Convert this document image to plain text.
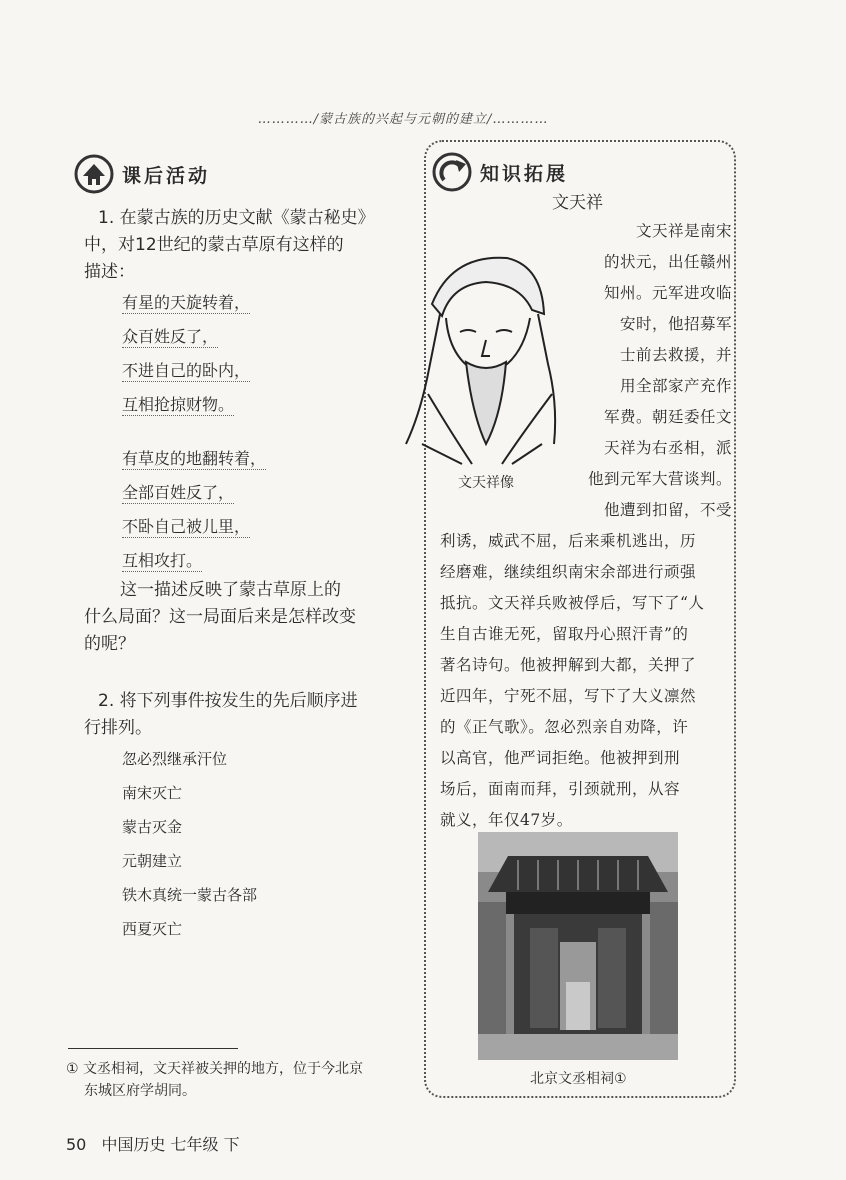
…………/蒙古族的兴起与元朝的建立/…………
课后活动
1. 在蒙古族的历史文献《蒙古秘史》
中，对12世纪的蒙古草原有这样的
描述：
有星的天旋转着，
众百姓反了，
不进自己的卧内，
互相抢掠财物。
有草皮的地翻转着，
全部百姓反了，
不卧自己被儿里，
互相攻打。
这一描述反映了蒙古草原上的
什么局面？这一局面后来是怎样改变
的呢？
2. 将下列事件按发生的先后顺序进
行排列。
忽必烈继承汗位
南宋灭亡
蒙古灭金
元朝建立
铁木真统一蒙古各部
西夏灭亡
知识拓展
文天祥
文天祥像
文天祥是南宋
的状元，出任赣州
知州。元军进攻临
安时，他招募军
士前去救援，并
用全部家产充作
军费。朝廷委任文
天祥为右丞相，派
他到元军大营谈判。
他遭到扣留，不受
利诱，威武不屈，后来乘机逃出，历
经磨难，继续组织南宋余部进行顽强
抵抗。文天祥兵败被俘后，写下了“人
生自古谁无死，留取丹心照汗青”的
著名诗句。他被押解到大都，关押了
近四年，宁死不屈，写下了大义凛然
的《正气歌》。忽必烈亲自劝降，许
以高官，他严词拒绝。他被押到刑
场后，面南而拜，引颈就刑，从容
就义，年仅47岁。
北京文丞相祠①
① 文丞相祠，文天祥被关押的地方，位于今北京
东城区府学胡同。
50 中国历史 七年级 下
